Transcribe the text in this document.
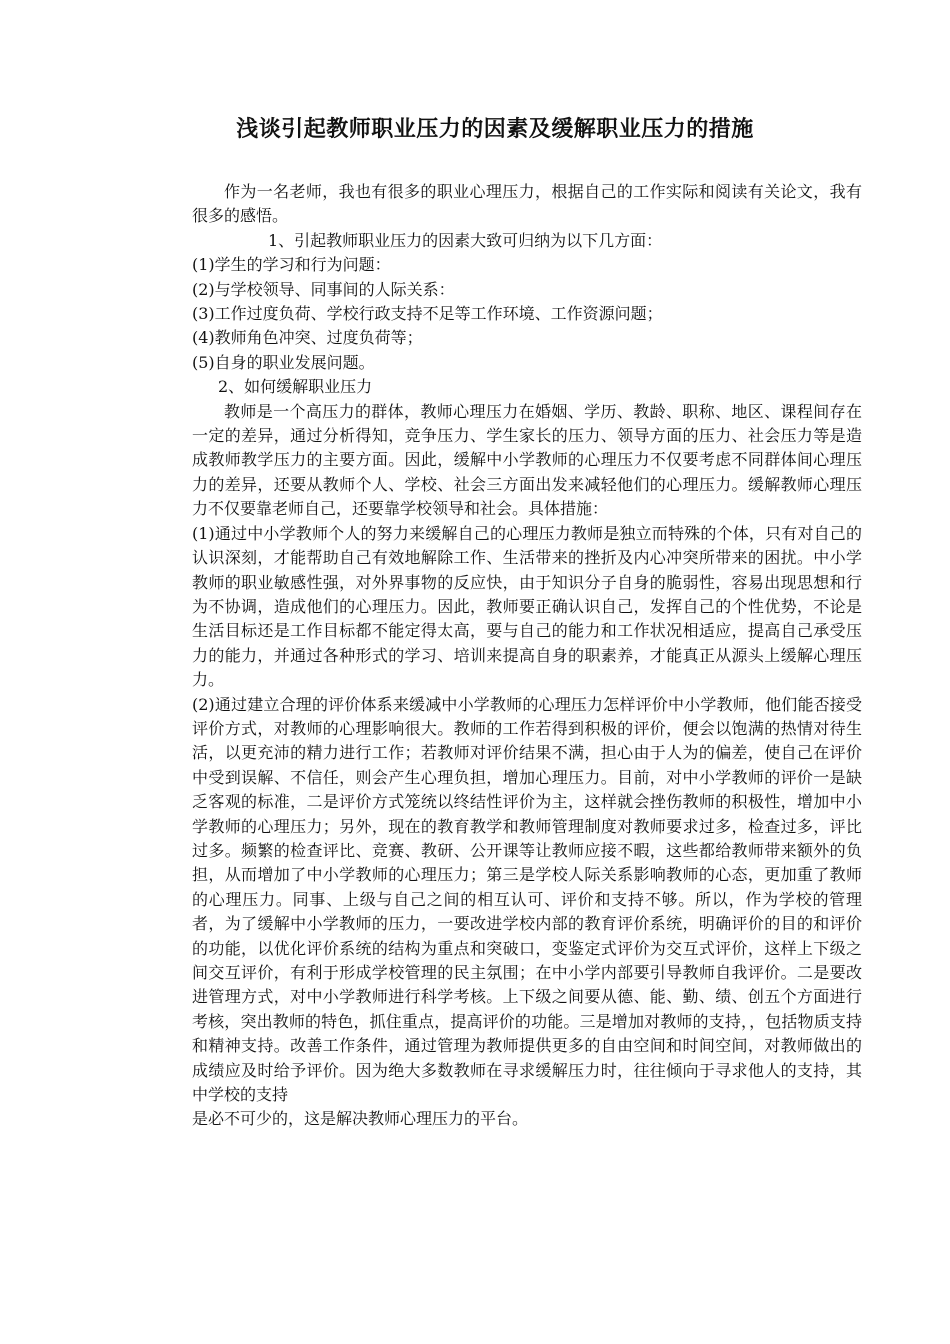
浅谈引起教师职业压力的因素及缓解职业压力的措施

作为一名老师，我也有很多的职业心理压力，根据自己的工作实际和阅读有关论文，我有很多的感悟。

1、引起教师职业压力的因素大致可归纳为以下几方面：

(1)学生的学习和行为问题：

(2)与学校领导、同事间的人际关系：

(3)工作过度负荷、学校行政支持不足等工作环境、工作资源问题；

(4)教师角色冲突、过度负荷等；

(5)自身的职业发展问题。

2、如何缓解职业压力

教师是一个高压力的群体，教师心理压力在婚姻、学历、教龄、职称、地区、课程间存在一定的差异，通过分析得知，竞争压力、学生家长的压力、领导方面的压力、社会压力等是造成教师教学压力的主要方面。因此，缓解中小学教师的心理压力不仅要考虑不同群体间心理压力的差异，还要从教师个人、学校、社会三方面出发来减轻他们的心理压力。缓解教师心理压力不仅要靠老师自己，还要靠学校领导和社会。具体措施：

(1)通过中小学教师个人的努力来缓解自己的心理压力教师是独立而特殊的个体，只有对自己的认识深刻，才能帮助自己有效地解除工作、生活带来的挫折及内心冲突所带来的困扰。中小学教师的职业敏感性强，对外界事物的反应快，由于知识分子自身的脆弱性，容易出现思想和行为不协调，造成他们的心理压力。因此，教师要正确认识自己，发挥自己的个性优势，不论是生活目标还是工作目标都不能定得太高，要与自己的能力和工作状况相适应，提高自己承受压力的能力，并通过各种形式的学习、培训来提高自身的职素养，才能真正从源头上缓解心理压力。

(2)通过建立合理的评价体系来缓减中小学教师的心理压力怎样评价中小学教师，他们能否接受评价方式，对教师的心理影响很大。教师的工作若得到积极的评价，便会以饱满的热情对待生活，以更充沛的精力进行工作；若教师对评价结果不满，担心由于人为的偏差，使自己在评价中受到误解、不信任，则会产生心理负担，增加心理压力。目前，对中小学教师的评价一是缺乏客观的标准，二是评价方式笼统以终结性评价为主，这样就会挫伤教师的积极性，增加中小学教师的心理压力；另外，现在的教育教学和教师管理制度对教师要求过多，检查过多，评比过多。频繁的检查评比、竞赛、教研、公开课等让教师应接不暇，这些都给教师带来额外的负担，从而增加了中小学教师的心理压力；第三是学校人际关系影响教师的心态，更加重了教师的心理压力。同事、上级与自己之间的相互认可、评价和支持不够。所以，作为学校的管理者，为了缓解中小学教师的压力，一要改进学校内部的教育评价系统，明确评价的目的和评价的功能，以优化评价系统的结构为重点和突破口，变鉴定式评价为交互式评价，这样上下级之间交互评价，有利于形成学校管理的民主氛围；在中小学内部要引导教师自我评价。二是要改进管理方式，对中小学教师进行科学考核。上下级之间要从德、能、勤、绩、创五个方面进行考核，突出教师的特色，抓住重点，提高评价的功能。三是增加对教师的支持，，包括物质支持和精神支持。改善工作条件，通过管理为教师提供更多的自由空间和时间空间，对教师做出的成绩应及时给予评价。因为绝大多数教师在寻求缓解压力时，往往倾向于寻求他人的支持，其中学校的支持

是必不可少的，这是解决教师心理压力的平台。
